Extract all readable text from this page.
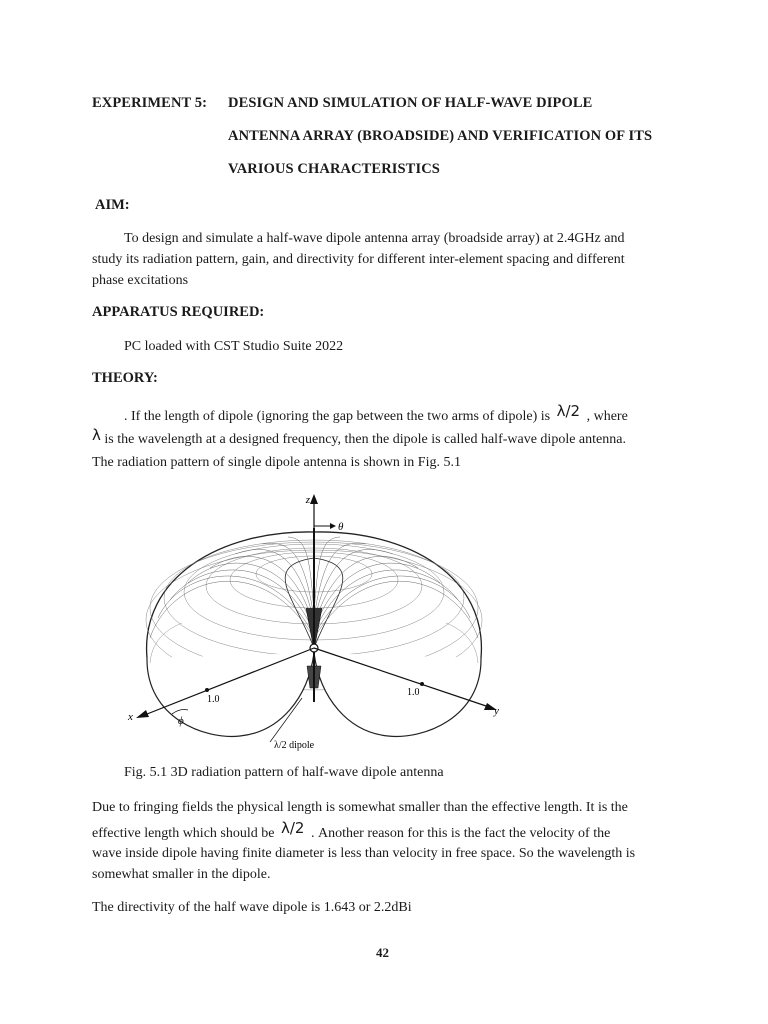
EXPERIMENT 5: DESIGN AND SIMULATION OF HALF-WAVE DIPOLE
ANTENNA ARRAY (BROADSIDE) AND VERIFICATION OF ITS
VARIOUS CHARACTERISTICS
AIM:
To design and simulate a half-wave dipole antenna array (broadside array) at 2.4GHz and
study its radiation pattern, gain, and directivity for different inter-element spacing and different
phase excitations
APPARATUS REQUIRED:
PC loaded with CST Studio Suite 2022
THEORY:
. If the length of dipole (ignoring the gap between the two arms of dipole) is λ/2 , where
λ is the wavelength at a designed frequency, then the dipole is called half-wave dipole antenna.
The radiation pattern of single dipole antenna is shown in Fig. 5.1
z
θ
x	ϕ
y
1.0
1.0
λ/2 dipole
Fig. 5.1 3D radiation pattern of half-wave dipole antenna
Due to fringing fields the physical length is somewhat smaller than the effective length. It is the
effective length which should be λ/2 . Another reason for this is the fact the velocity of the
wave inside dipole having finite diameter is less than velocity in free space. So the wavelength is
somewhat smaller in the dipole.
The directivity of the half wave dipole is 1.643 or 2.2dBi
42
